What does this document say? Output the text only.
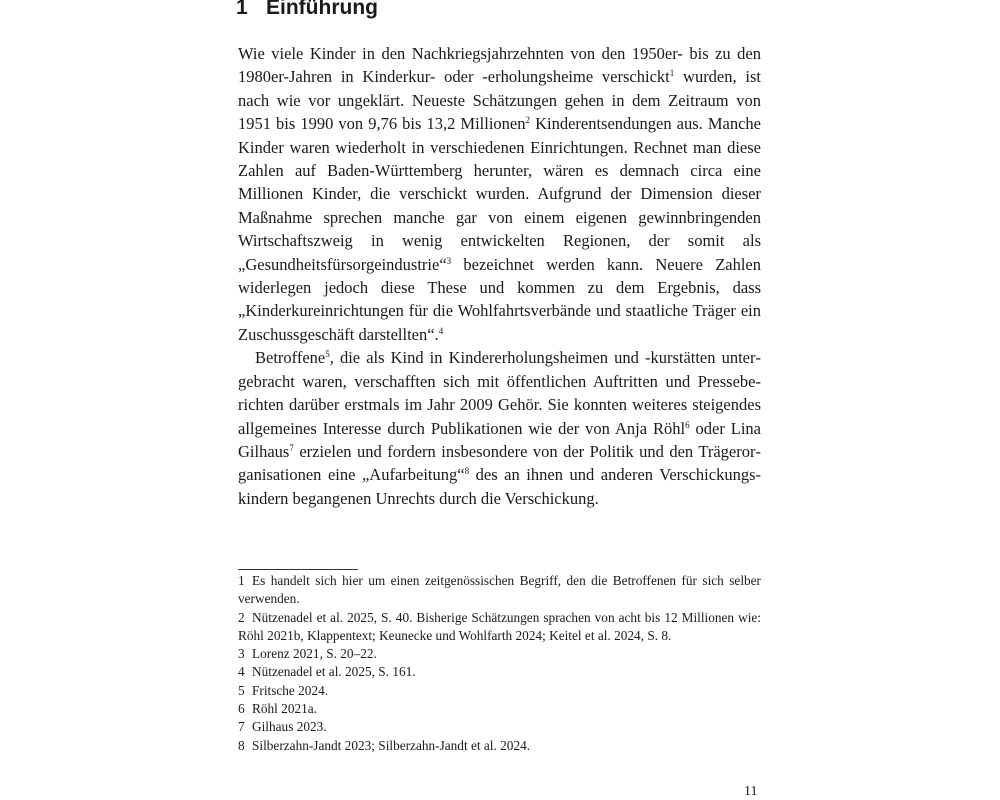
1 Einführung

Wie viele Kinder in den Nachkriegsjahrzehnten von den 1950er- bis zu den 1980er-Jahren in Kinderkur- oder -erholungsheime verschickt$^1$ wurden, ist nach wie vor ungeklärt. Neueste Schätzungen gehen in dem Zeitraum von 1951 bis 1990 von 9,76 bis 13,2 Millionen$^2$ Kinderentsendungen aus. Manche Kinder waren wiederholt in verschiedenen Einrichtungen. Rechnet man diese Zahlen auf Baden-Württemberg herunter, wären es demnach circa eine Millionen Kinder, die verschickt wurden. Aufgrund der Dimension dieser Maßnahme sprechen manche gar von einem eigenen gewinnbringenden Wirtschaftszweig in wenig entwickelten Regionen, der somit als „Gesundheitsfürsorgeindustrie“$^3$ bezeichnet werden kann. Neuere Zahlen widerlegen jedoch diese These und kommen zu dem Ergebnis, dass „Kinderkureinrichtungen für die Wohlfahrtsverbände und staatliche Träger ein Zuschussgeschäft darstellten“.$^4$

Betroffene$^5$, die als Kind in Kindererholungsheimen und -kurstätten untergebracht waren, verschafften sich mit öffentlichen Auftritten und Presseberichten darüber erstmals im Jahr 2009 Gehör. Sie konnten weiteres steigendes allgemeines Interesse durch Publikationen wie der von Anja Röhl$^6$ oder Lina Gilhaus$^7$ erzielen und fordern insbesondere von der Politik und den Trägerorganisationen eine „Aufarbeitung“$^8$ des an ihnen und anderen Verschickungskindern begangenen Unrechts durch die Verschickung.

1 Es handelt sich hier um einen zeitgenössischen Begriff, den die Betroffenen für sich selber verwenden.
2 Nützenadel et al. 2025, S. 40. Bisherige Schätzungen sprachen von acht bis 12 Millionen wie: Röhl 2021b, Klappentext; Keunecke und Wohlfarth 2024; Keitel et al. 2024, S. 8.
3 Lorenz 2021, S. 20–22.
4 Nützenadel et al. 2025, S. 161.
5 Fritsche 2024.
6 Röhl 2021a.
7 Gilhaus 2023.
8 Silberzahn-Jandt 2023; Silberzahn-Jandt et al. 2024.
11
